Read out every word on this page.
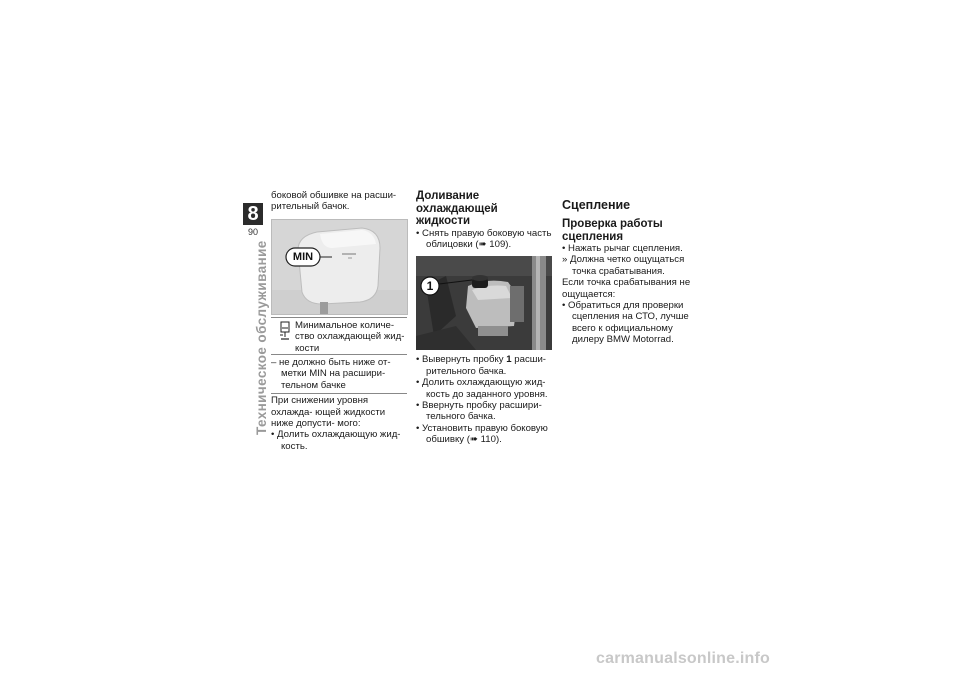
8
90
Техническое обслуживание

боковой обшивке на расши- рительный бачок.

MIN

Минимальное количе- ство охлаждающей жид- кости

– не должно быть ниже от- метки MIN на расшири- тельном бачке

При снижении уровня охлажда- ющей жидкости ниже допусти- мого:

• Долить охлаждающую жид- кость.

Доливание охлаждающей жидкости

• Снять правую боковую часть облицовки (➠ 109).

1

• Вывернуть пробку 1 расши- рительного бачка.

• Долить охлаждающую жид- кость до заданного уровня.

• Ввернуть пробку расшири- тельного бачка.

• Установить правую боковую обшивку (➠ 110).

Сцепление
Проверка работы сцепления

• Нажать рычаг сцепления.

» Должна четко ощущаться точка срабатывания.

Если точка срабатывания не ощущается:

• Обратиться для проверки сцепления на СТО, лучше всего к официальному дилеру BMW Motorrad.

carmanualsonline.info
